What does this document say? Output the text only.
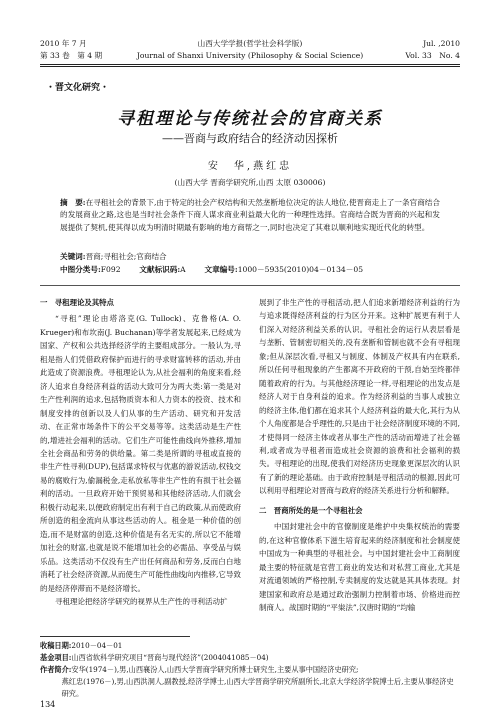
2010 年 7 月
第 33 卷　第 4 期
山西大学学报(哲学社会科学版)
Journal of Shanxi University (Philosophy & Social Science)
Jul. ,2010
Vol. 33　No. 4
・晋文化研究・
寻租理论与传统社会的官商关系
——晋商与政府结合的经济动因探析
安　华,燕红忠
(山西大学 晋商学研究所,山西 太原 030006)
摘　要:在寻租社会的背景下,由于特定的社会产权结构和天然垄断地位决定的法人地位,使晋商走上了一条官商结合的发展商业之路,这也是当时社会条件下商人谋求商业利益最大化的一种理性选择。官商结合既为晋商的兴起和发展提供了契机,使其得以成为明清时期最有影响的地方商帮之一,同时也决定了其难以顺利地实现近代化的转型。
关键词:晋商;寻租社会;官商结合
中图分类号:F092 文献标识码:A 文章编号:1000－5935(2010)04－0134－05

一　寻租理论及其特点

“寻租”理论由塔洛克(G. Tullock)、克鲁格(A. O. Krueger)和布坎南(J. Buchanan)等学者发展起来,已经成为国家、产权和公共选择经济学的主要组成部分。一般认为,寻租是指人们凭借政府保护而进行的寻求财富转移的活动,并由此造成了资源浪费。寻租理论认为,从社会福利的角度来看,经济人追求自身经济利益的活动大致可分为两大类:第一类是对生产性利润的追求,包括物质资本和人力资本的投资、技术和制度安排的创新以及人们从事的生产活动、研究和开发活动、在正常市场条件下的公平交易等等。这类活动是生产性的,增进社会福利的活动。它们生产可能性曲线向外推移,增加全社会商品和劳务的供给量。第二类是所谓的寻租或直接的非生产性寻利(DUP),包括谋求特权与优惠的游说活动,权钱交易的腐败行为,偷漏税金,走私放私等非生产性的有损于社会福利的活动。一旦政府开始干预贸易和其他经济活动,人们就会积极行动起来,以便政府制定出有利于自己的政策,从而使政府所创造的租金流向从事这些活动的人。租金是一种价值的创造,而不是财富的创造,这种价值是有名无实的,所以它不能增加社会的财富,也就是说不能增加社会的必需品、享受品与娱乐品。这类活动不仅没有生产出任何商品和劳务,反而白白地消耗了社会经济资源,从而使生产可能性曲线向内推移,它导致的是经济停滞而不是经济增长。

寻租理论把经济学研究的视界从生产性的寻利活动扩

展到了非生产性的寻租活动,把人们追求新增经济利益的行为与追求既得经济利益的行为区分开来。这种扩展更有利于人们深入对经济利益关系的认识。寻租社会的运行从表层看是与垄断、管制密切相关的,没有垄断和管制也就不会有寻租现象;但从深层次看,寻租又与制度、体制及产权具有内在联系,所以任何寻租现象的产生都离不开政府的干预,自始至终都伴随着政府的行为。与其他经济理论一样,寻租理论的出发点是经济人对于自身利益的追求。作为经济利益的当事人或独立的经济主体,他们都在追求其个人经济利益的最大化,其行为从个人角度都是合乎理性的,只是由于社会经济制度环境的不同,才使得同一经济主体或者从事生产性的活动而增进了社会福利,或者成为寻租者而造成社会资源的浪费和社会福利的损失。寻租理论的出现,使我们对经济历史现象更深层次的认识有了新的理论基础。由于政府控制是寻租活动的根源,因此可以利用寻租理论对晋商与政府的经济关系进行分析和解释。

二　晋商所处的是一个寻租社会

中国封建社会中的官僚制度是维护中央集权统治的需要的,在这种官僚体系下滋生培育起来的经济制度和社会制度使中国成为一种典型的寻租社会。与中国封建社会中工商制度最主要的特征就是官营工商业的发达和对私营工商业,尤其是对流通领域的严格控制,专卖制度的发达就是其具体表现。封建国家和政府总是通过政治强制力控制着市场、价格进而控制商人。战国时期的“平粜法”,汉唐时期的“均输

收稿日期:2010－04－01
基金项目:山西省软科学研究项目“晋商与现代经济”(2004041085－04)
作者简介:安华(1974－),男,山西襄汾人,山西大学晋商学研究所博士研究生,主要从事中国经济史研究;
燕红忠(1976－),男,山西洪洞人,副教授,经济学博士,山西大学晋商学研究所副所长,北京大学经济学院博士后,主要从事经济史研究。
134
